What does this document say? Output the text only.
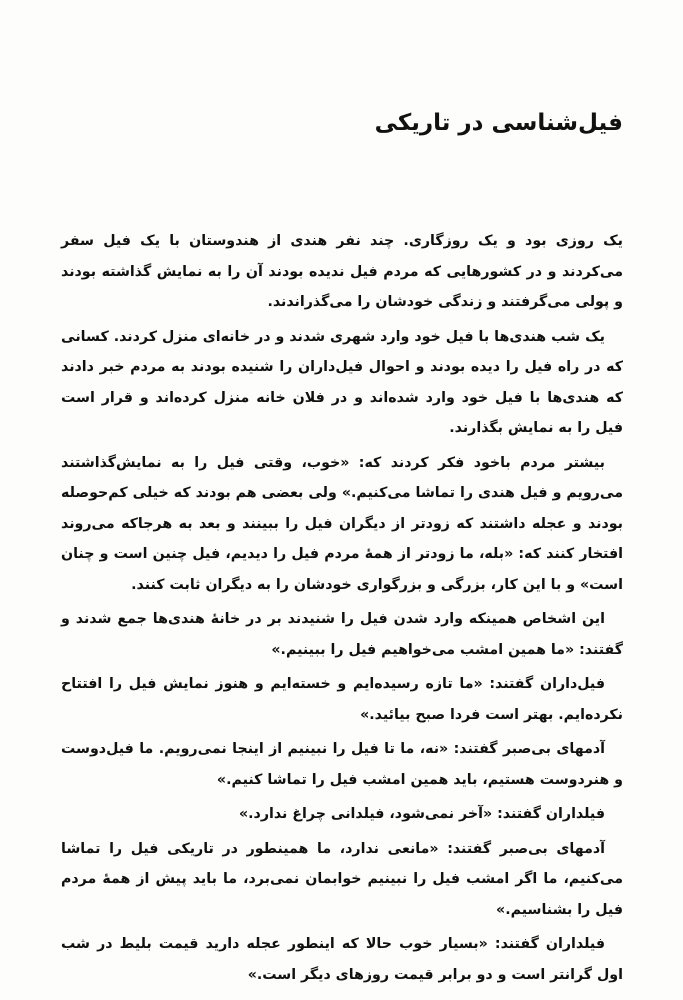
فیل‌شناسی در تاریکی

یک روزی بود و یک روزگاری. چند نفر هندی از هندوستان با یک فیل سفر می‌کردند و در کشورهایی که مردم فیل ندیده بودند آن را به نمایش گذاشته بودند و پولی می‌گرفتند و زندگی خودشان را می‌گذراندند.

یک شب هندی‌ها با فیل خود وارد شهری شدند و در خانه‌ای منزل کردند. کسانی که در راه فیل را دیده بودند و احوال فیل‌داران را شنیده بودند به مردم خبر دادند که هندی‌ها با فیل خود وارد شده‌اند و در فلان خانه منزل کرده‌اند و قرار است فیل را به نمایش بگذارند.

بیشتر مردم باخود فکر کردند که: «خوب، وقتی فیل را به نمایش‌گذاشتند می‌رویم و فیل هندی را تماشا می‌کنیم.» ولی بعضی هم بودند که خیلی کم‌حوصله بودند و عجله داشتند که زودتر از دیگران فیل را ببینند و بعد به هرجاکه می‌روند افتخار کنند که: «بله، ما زودتر از همهٔ مردم فیل را دیدیم، فیل چنین است و چنان است» و با این کار، بزرگی و بزرگواری خودشان را به دیگران ثابت کنند.

این اشخاص همینکه وارد شدن فیل را شنیدند بر در خانهٔ هندی‌ها جمع شدند و گفتند: «ما همین امشب می‌خواهیم فیل را ببینیم.»

فیل‌داران گفتند: «ما تازه رسیده‌ایم و خسته‌ایم و هنوز نمایش فیل را افتتاح نکرده‌ایم. بهتر است فردا صبح بیائید.»

آدمهای بی‌صبر گفتند: «نه، ما تا فیل را نبینیم از اینجا نمی‌رویم. ما فیل‌دوست و هنردوست هستیم، باید همین امشب فیل را تماشا کنیم.»

فیلداران گفتند: «آخر نمی‌شود، فیلدانی چراغ ندارد.»

آدمهای بی‌صبر گفتند: «مانعی ندارد، ما همینطور در تاریکی فیل را تماشا می‌کنیم، ما اگر امشب فیل را نبینیم خوابمان نمی‌برد، ما باید پیش از همهٔ مردم فیل را بشناسیم.»

فیلداران گفتند: «بسیار خوب حالا که اینطور عجله دارید قیمت بلیط در شب اول گرانتر است و دو برابر قیمت روزهای دیگر است.»
